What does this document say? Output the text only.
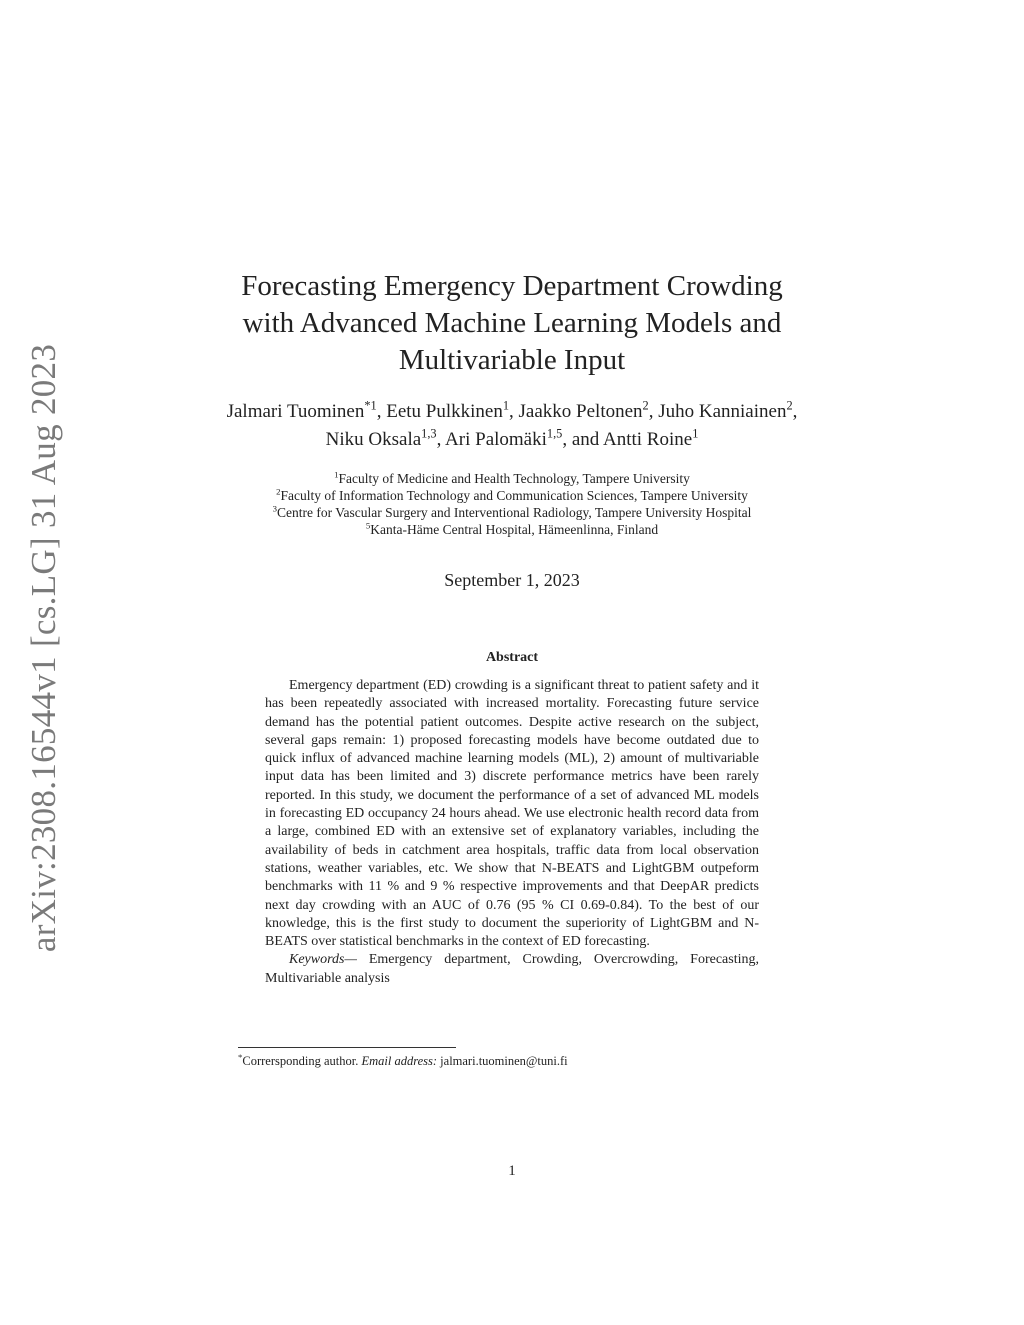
arXiv:2308.16544v1 [cs.LG] 31 Aug 2023
Forecasting Emergency Department Crowding with Advanced Machine Learning Models and Multivariable Input
Jalmari Tuominen$^{*1}$, Eetu Pulkkinen$^1$, Jaakko Peltonen$^2$, Juho Kanniainen$^2$, Niku Oksala$^{1,3}$, Ari Palomäki$^{1,5}$, and Antti Roine$^1$
$^1$Faculty of Medicine and Health Technology, Tampere University
$^2$Faculty of Information Technology and Communication Sciences, Tampere University
$^3$Centre for Vascular Surgery and Interventional Radiology, Tampere University Hospital
$^5$Kanta-Häme Central Hospital, Hämeenlinna, Finland
September 1, 2023
Abstract
Emergency department (ED) crowding is a significant threat to patient safety and it has been repeatedly associated with increased mortality. Forecasting future service demand has the potential patient outcomes. Despite active research on the subject, several gaps remain: 1) proposed forecasting models have become outdated due to quick influx of advanced machine learning models (ML), 2) amount of multivariable input data has been limited and 3) discrete performance metrics have been rarely reported. In this study, we document the performance of a set of advanced ML models in forecasting ED occupancy 24 hours ahead. We use electronic health record data from a large, combined ED with an extensive set of explanatory variables, including the availability of beds in catchment area hospitals, traffic data from local observation stations, weather variables, etc. We show that N-BEATS and LightGBM outpeform benchmarks with 11 % and 9 % respective improvements and that DeepAR predicts next day crowding with an AUC of 0.76 (95 % CI 0.69-0.84). To the best of our knowledge, this is the first study to document the superiority of LightGBM and N-BEATS over statistical benchmarks in the context of ED forecasting.
Keywords— Emergency department, Crowding, Overcrowding, Forecasting, Multivariable analysis
*Corrersponding author. Email address: jalmari.tuominen@tuni.fi
1
